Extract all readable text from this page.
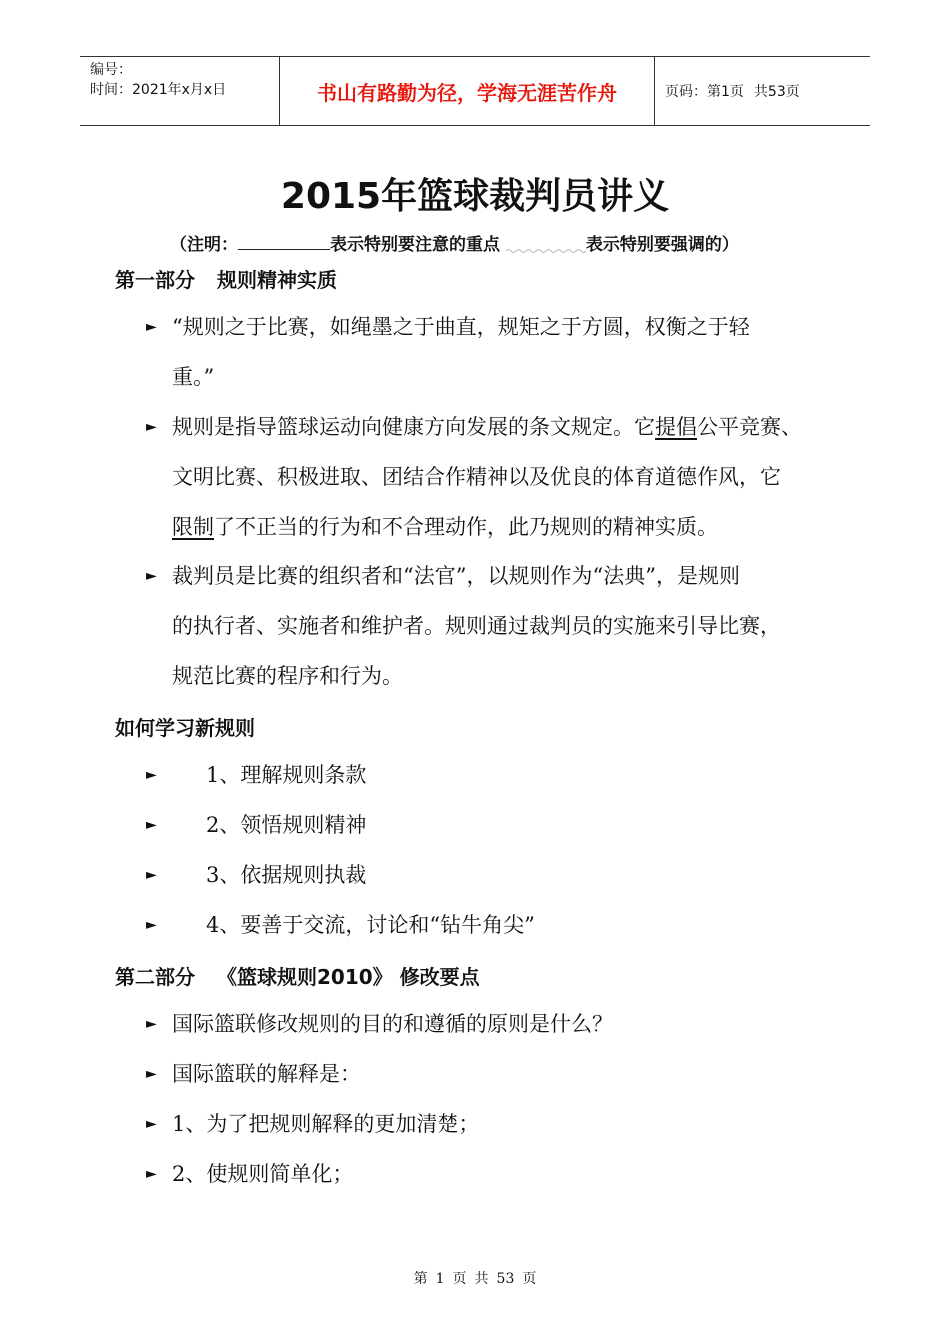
编号：
时间：2021年x月x日	书山有路勤为径，学海无涯苦作舟	页码：第1页 共53页
2015年篮球裁判员讲义
（注明：	表示特别要注意的重点	表示特别要强调的）
第一部分 规则精神实质
► “规则之于比赛，如绳墨之于曲直，规矩之于方圆，权衡之于轻
重。”
► 规则是指导篮球运动向健康方向发展的条文规定。它提倡公平竞赛、
文明比赛、积极进取、团结合作精神以及优良的体育道德作风，它
限制了不正当的行为和不合理动作，此乃规则的精神实质。
► 裁判员是比赛的组织者和“法官”，以规则作为“法典”，是规则
的执行者、实施者和维护者。规则通过裁判员的实施来引导比赛，
规范比赛的程序和行为。
如何学习新规则
► 1、理解规则条款
► 2、领悟规则精神
► 3、依据规则执裁
► 4、要善于交流，讨论和“钻牛角尖”
第二部分 《篮球规则2010》 修改要点
► 国际篮联修改规则的目的和遵循的原则是什么？
► 国际篮联的解释是：
► 1、为了把规则解释的更加清楚；
► 2、使规则简单化；
第 1 页 共 53 页
